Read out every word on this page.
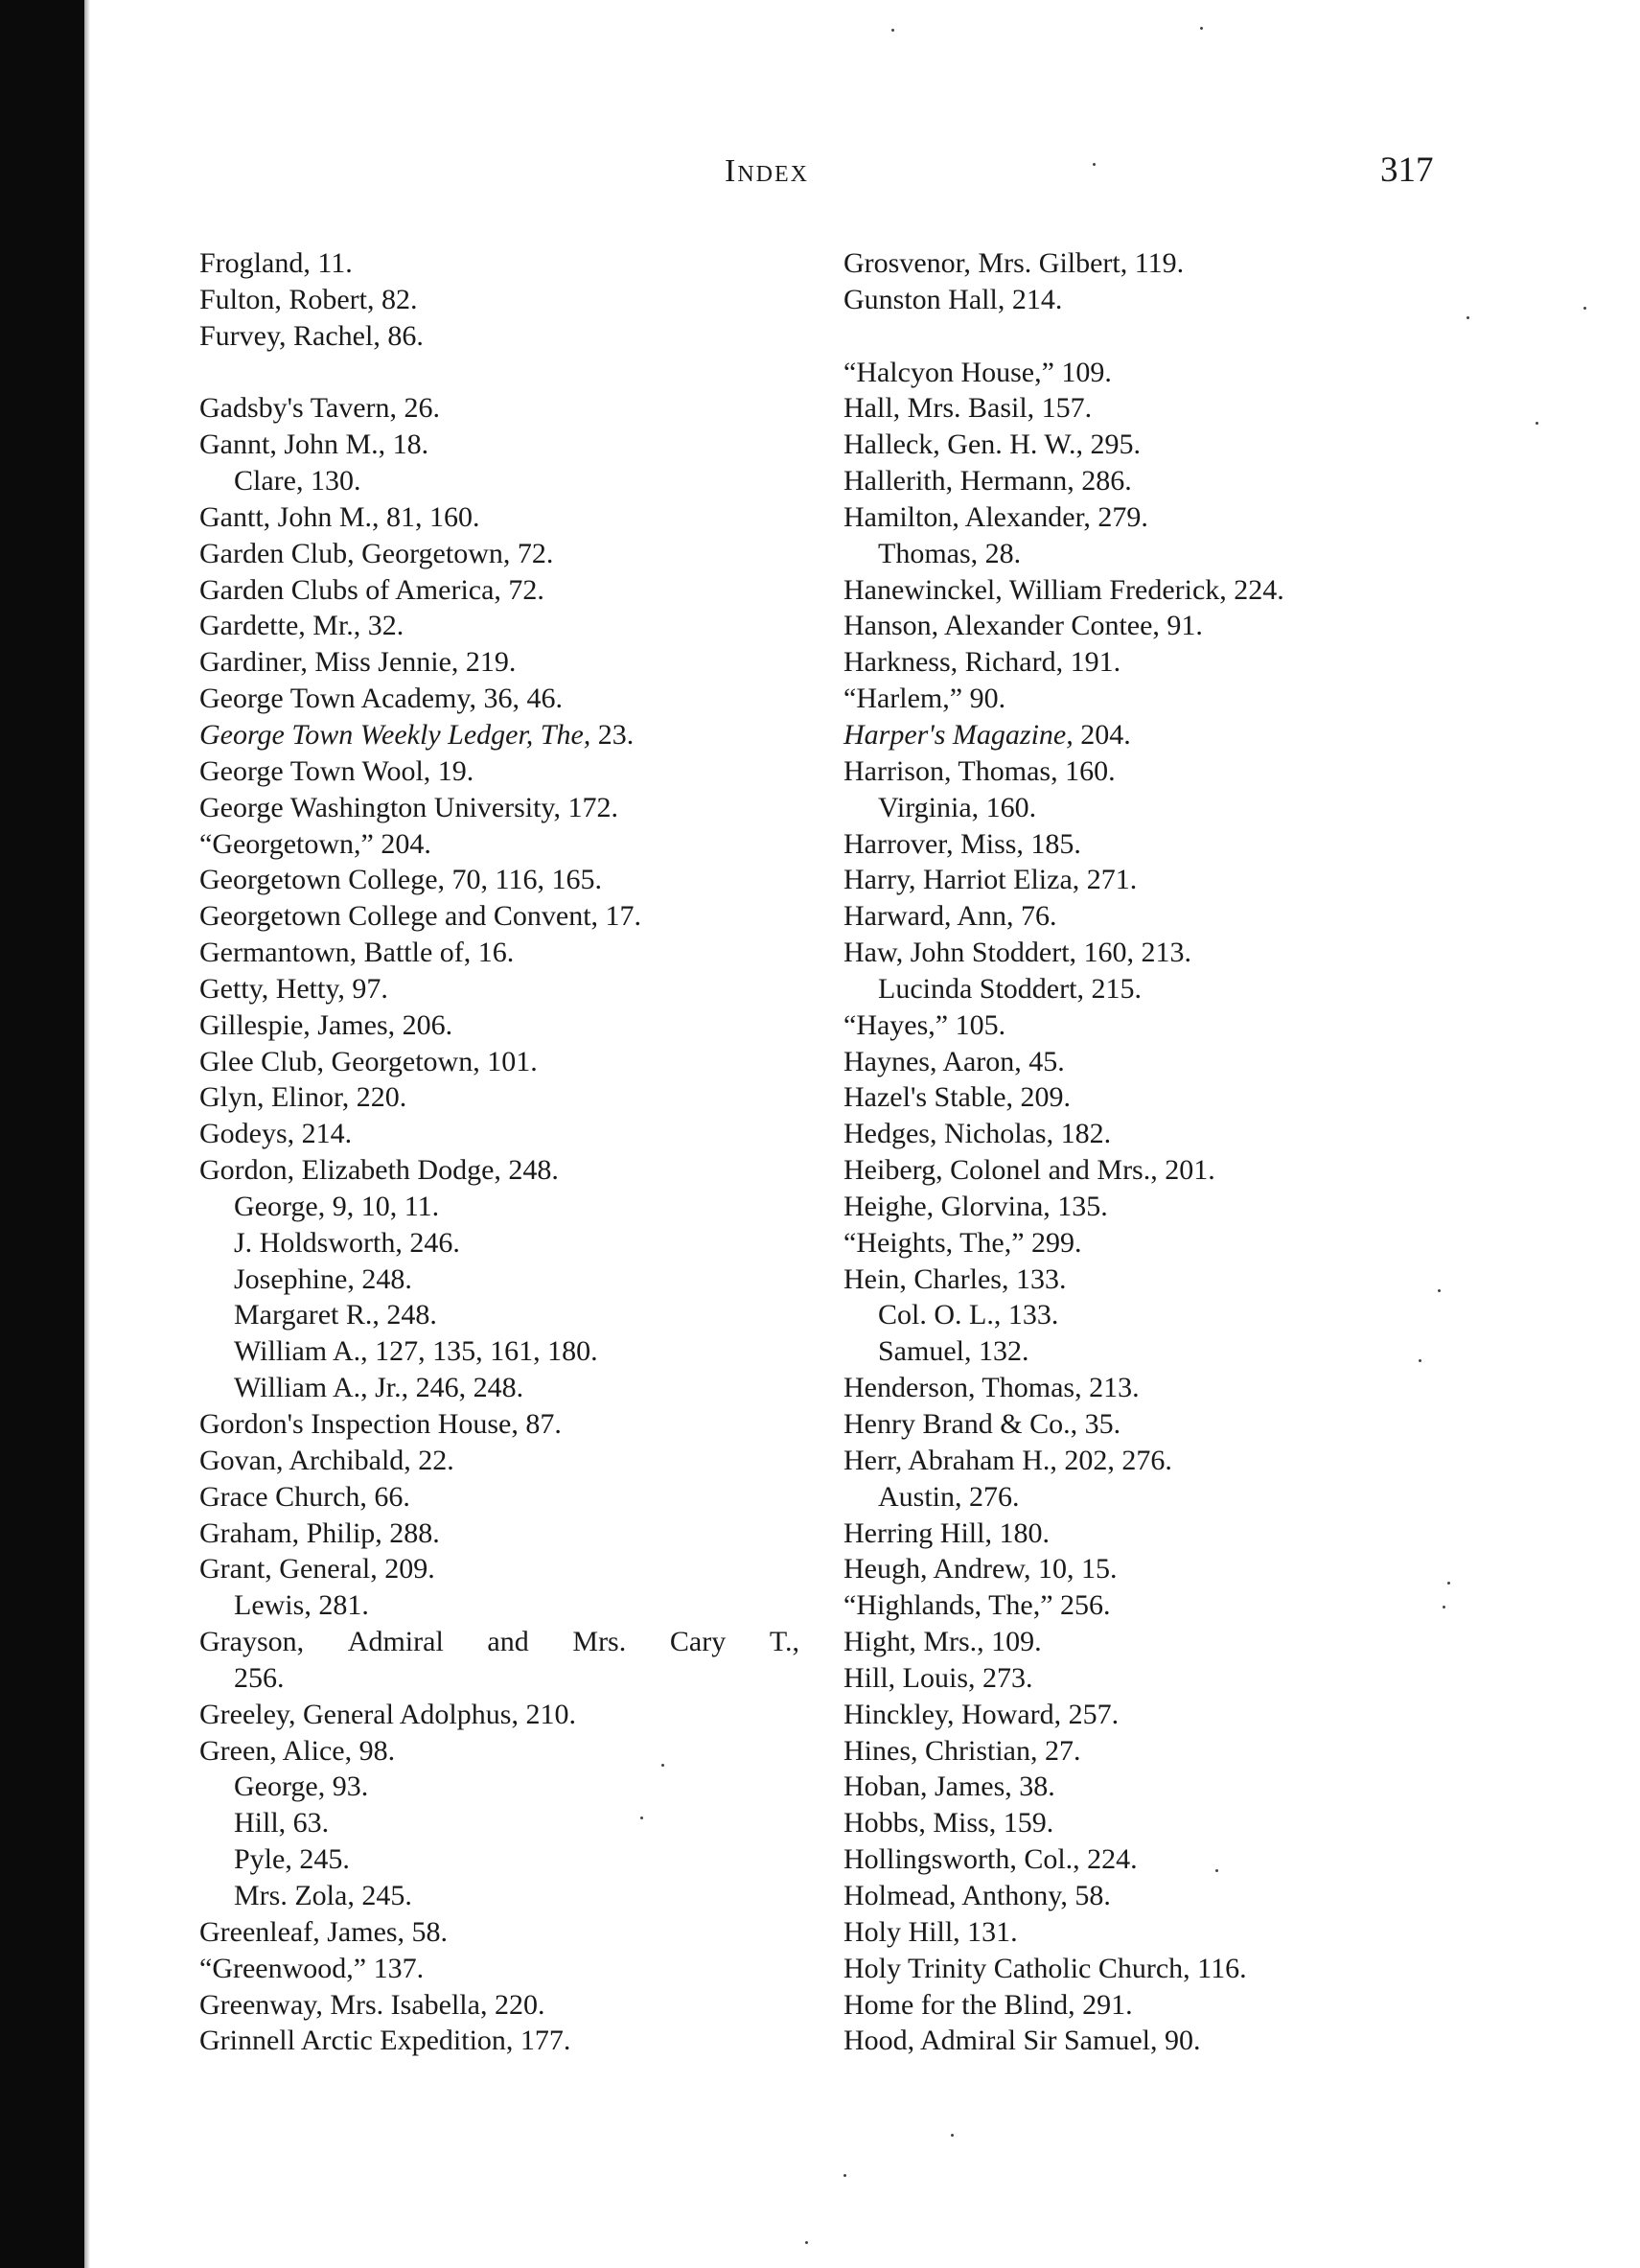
Index	317
Frogland, 11.
Fulton, Robert, 82.
Furvey, Rachel, 86.
Gadsby's Tavern, 26.
Gannt, John M., 18.
Clare, 130.
Gantt, John M., 81, 160.
Garden Club, Georgetown, 72.
Garden Clubs of America, 72.
Gardette, Mr., 32.
Gardiner, Miss Jennie, 219.
George Town Academy, 36, 46.
George Town Weekly Ledger, The, 23.
George Town Wool, 19.
George Washington University, 172.
“Georgetown,” 204.
Georgetown College, 70, 116, 165.
Georgetown College and Convent, 17.
Germantown, Battle of, 16.
Getty, Hetty, 97.
Gillespie, James, 206.
Glee Club, Georgetown, 101.
Glyn, Elinor, 220.
Godeys, 214.
Gordon, Elizabeth Dodge, 248.
George, 9, 10, 11.
J. Holdsworth, 246.
Josephine, 248.
Margaret R., 248.
William A., 127, 135, 161, 180.
William A., Jr., 246, 248.
Gordon's Inspection House, 87.
Govan, Archibald, 22.
Grace Church, 66.
Graham, Philip, 288.
Grant, General, 209.
Lewis, 281.
Grayson, Admiral and Mrs. Cary T.,
256.
Greeley, General Adolphus, 210.
Green, Alice, 98.
George, 93.
Hill, 63.
Pyle, 245.
Mrs. Zola, 245.
Greenleaf, James, 58.
“Greenwood,” 137.
Greenway, Mrs. Isabella, 220.
Grinnell Arctic Expedition, 177.
Grosvenor, Mrs. Gilbert, 119.
Gunston Hall, 214.
“Halcyon House,” 109.
Hall, Mrs. Basil, 157.
Halleck, Gen. H. W., 295.
Hallerith, Hermann, 286.
Hamilton, Alexander, 279.
Thomas, 28.
Hanewinckel, William Frederick, 224.
Hanson, Alexander Contee, 91.
Harkness, Richard, 191.
“Harlem,” 90.
Harper's Magazine, 204.
Harrison, Thomas, 160.
Virginia, 160.
Harrover, Miss, 185.
Harry, Harriot Eliza, 271.
Harward, Ann, 76.
Haw, John Stoddert, 160, 213.
Lucinda Stoddert, 215.
“Hayes,” 105.
Haynes, Aaron, 45.
Hazel's Stable, 209.
Hedges, Nicholas, 182.
Heiberg, Colonel and Mrs., 201.
Heighe, Glorvina, 135.
“Heights, The,” 299.
Hein, Charles, 133.
Col. O. L., 133.
Samuel, 132.
Henderson, Thomas, 213.
Henry Brand & Co., 35.
Herr, Abraham H., 202, 276.
Austin, 276.
Herring Hill, 180.
Heugh, Andrew, 10, 15.
“Highlands, The,” 256.
Hight, Mrs., 109.
Hill, Louis, 273.
Hinckley, Howard, 257.
Hines, Christian, 27.
Hoban, James, 38.
Hobbs, Miss, 159.
Hollingsworth, Col., 224.
Holmead, Anthony, 58.
Holy Hill, 131.
Holy Trinity Catholic Church, 116.
Home for the Blind, 291.
Hood, Admiral Sir Samuel, 90.
